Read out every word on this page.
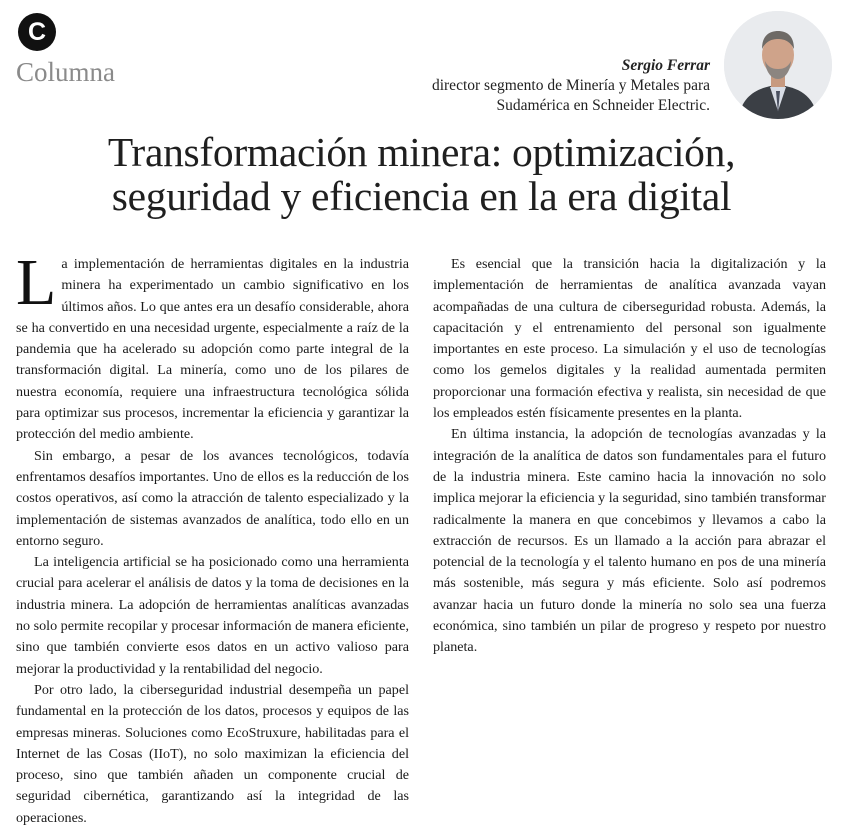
C
Columna	Sergio Ferrar
director segmento de Minería y Metales para
Sudamérica en Schneider Electric.
Transformación minera: optimización,
seguridad y eficiencia en la era digital

La implementación de herramientas digitales en la industria minera ha experimentado un cambio significativo en los últimos años. Lo que antes era un desafío considerable, ahora se ha convertido en una necesidad urgente, especialmente a raíz de la pandemia que ha acelerado su adopción como parte integral de la transformación digital. La minería, como uno de los pilares de nuestra economía, requiere una infraestructura tecnológica sólida para optimizar sus procesos, incrementar la eficiencia y garantizar la protección del medio ambiente.

Sin embargo, a pesar de los avances tecnológicos, todavía enfrentamos desafíos importantes. Uno de ellos es la reducción de los costos operativos, así como la atracción de talento especializado y la implementación de sistemas avanzados de analítica, todo ello en un entorno seguro.

La inteligencia artificial se ha posicionado como una herramienta crucial para acelerar el análisis de datos y la toma de decisiones en la industria minera. La adopción de herramientas analíticas avanzadas no solo permite recopilar y procesar información de manera eficiente, sino que también convierte esos datos en un activo valioso para mejorar la productividad y la rentabilidad del negocio.

Por otro lado, la ciberseguridad industrial desempeña un papel fundamental en la protección de los datos, procesos y equipos de las empresas mineras. Soluciones como EcoStruxure, habilitadas para el Internet de las Cosas (IIoT), no solo maximizan la eficiencia del proceso, sino que también añaden un componente crucial de seguridad cibernética, garantizando así la integridad de las operaciones.

Es esencial que la transición hacia la digitalización y la implementación de herramientas de analítica avanzada vayan acompañadas de una cultura de ciberseguridad robusta. Además, la capacitación y el entrenamiento del personal son igualmente importantes en este proceso. La simulación y el uso de tecnologías como los gemelos digitales y la realidad aumentada permiten proporcionar una formación efectiva y realista, sin necesidad de que los empleados estén físicamente presentes en la planta.

En última instancia, la adopción de tecnologías avanzadas y la integración de la analítica de datos son fundamentales para el futuro de la industria minera. Este camino hacia la innovación no solo implica mejorar la eficiencia y la seguridad, sino también transformar radicalmente la manera en que concebimos y llevamos a cabo la extracción de recursos. Es un llamado a la acción para abrazar el potencial de la tecnología y el talento humano en pos de una minería más sostenible, más segura y más eficiente. Solo así podremos avanzar hacia un futuro donde la minería no solo sea una fuerza económica, sino también un pilar de progreso y respeto por nuestro planeta.
